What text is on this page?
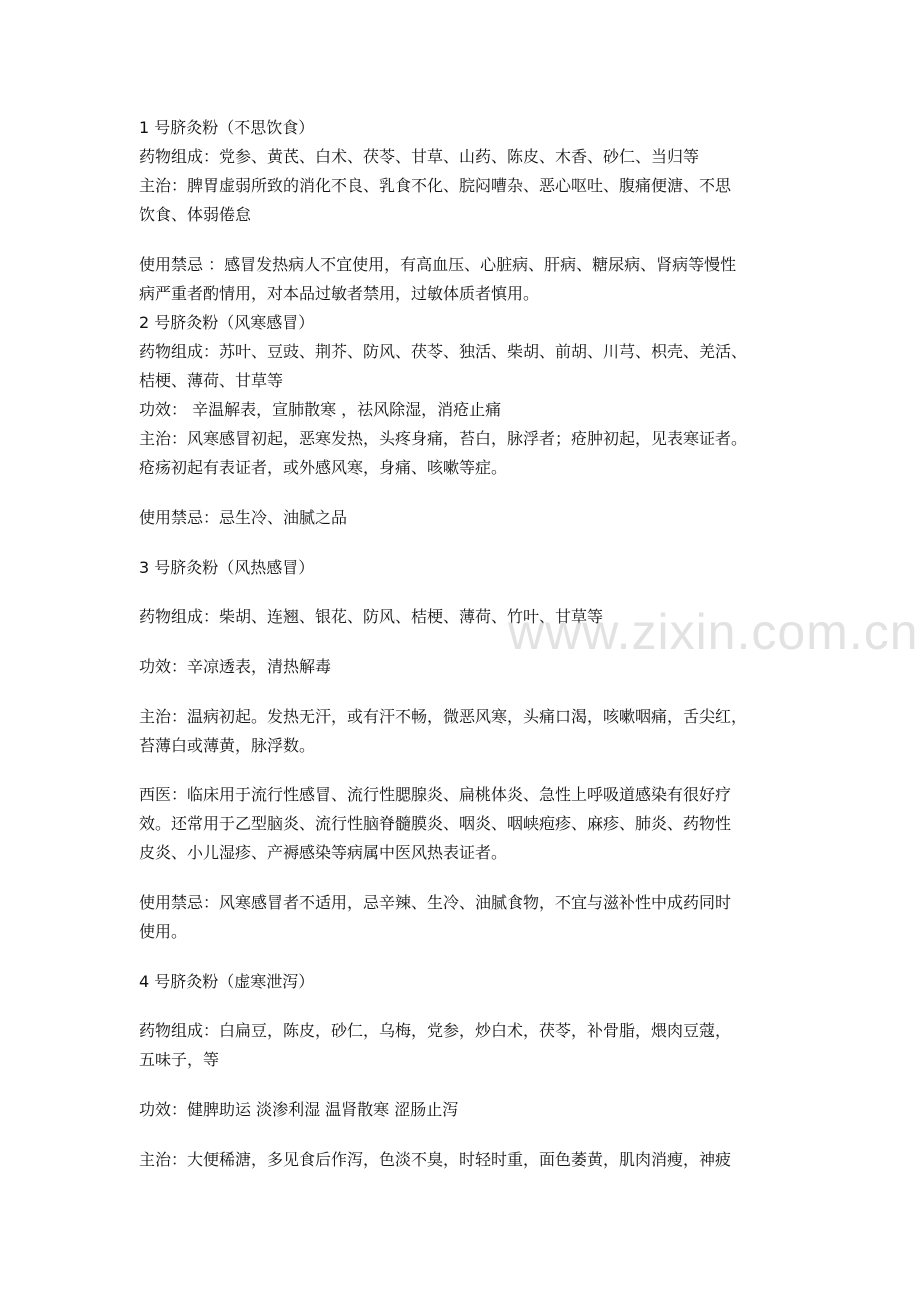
1 号脐灸粉（不思饮食）
药物组成：党参、黄芪、白术、茯苓、甘草、山药、陈皮、木香、砂仁、当归等
主治：脾胃虚弱所致的消化不良、乳食不化、脘闷嘈杂、恶心呕吐、腹痛便溏、不思
饮食、体弱倦怠
使用禁忌 ：感冒发热病人不宜使用，有高血压、心脏病、肝病、糖尿病、肾病等慢性
病严重者酌情用，对本品过敏者禁用，过敏体质者慎用。
2 号脐灸粉（风寒感冒）
药物组成：苏叶、豆豉、荆芥、防风、茯苓、独活、柴胡、前胡、川芎、枳壳、羌活、
桔梗、薄荷、甘草等
功效： 辛温解表，宣肺散寒 ，祛风除湿，消疮止痛
主治：风寒感冒初起，恶寒发热，头疼身痛，苔白，脉浮者；疮肿初起，见表寒证者。
疮疡初起有表证者，或外感风寒，身痛、咳嗽等症。
使用禁忌：忌生冷、油腻之品
3 号脐灸粉（风热感冒）
药物组成：柴胡、连翘、银花、防风、桔梗、薄荷、竹叶、甘草等
功效：辛凉透表，清热解毒
主治：温病初起。发热无汗，或有汗不畅，微恶风寒，头痛口渴，咳嗽咽痛，舌尖红，
苔薄白或薄黄，脉浮数。
西医：临床用于流行性感冒、流行性腮腺炎、扁桃体炎、急性上呼吸道感染有很好疗
效。还常用于乙型脑炎、流行性脑脊髓膜炎、咽炎、咽峡疱疹、麻疹、肺炎、药物性
皮炎、小儿湿疹、产褥感染等病属中医风热表证者。
使用禁忌：风寒感冒者不适用，忌辛辣、生冷、油腻食物，不宜与滋补性中成药同时
使用。
4 号脐灸粉（虚寒泄泻）
药物组成：白扁豆，陈皮，砂仁，乌梅，党参，炒白术，茯苓，补骨脂，煨肉豆蔻，
五味子，等
功效：健脾助运 淡渗利湿 温肾散寒 涩肠止泻
主治：大便稀溏，多见食后作泻，色淡不臭，时轻时重，面色萎黄，肌肉消瘦，神疲
www.zixin.com.cn
